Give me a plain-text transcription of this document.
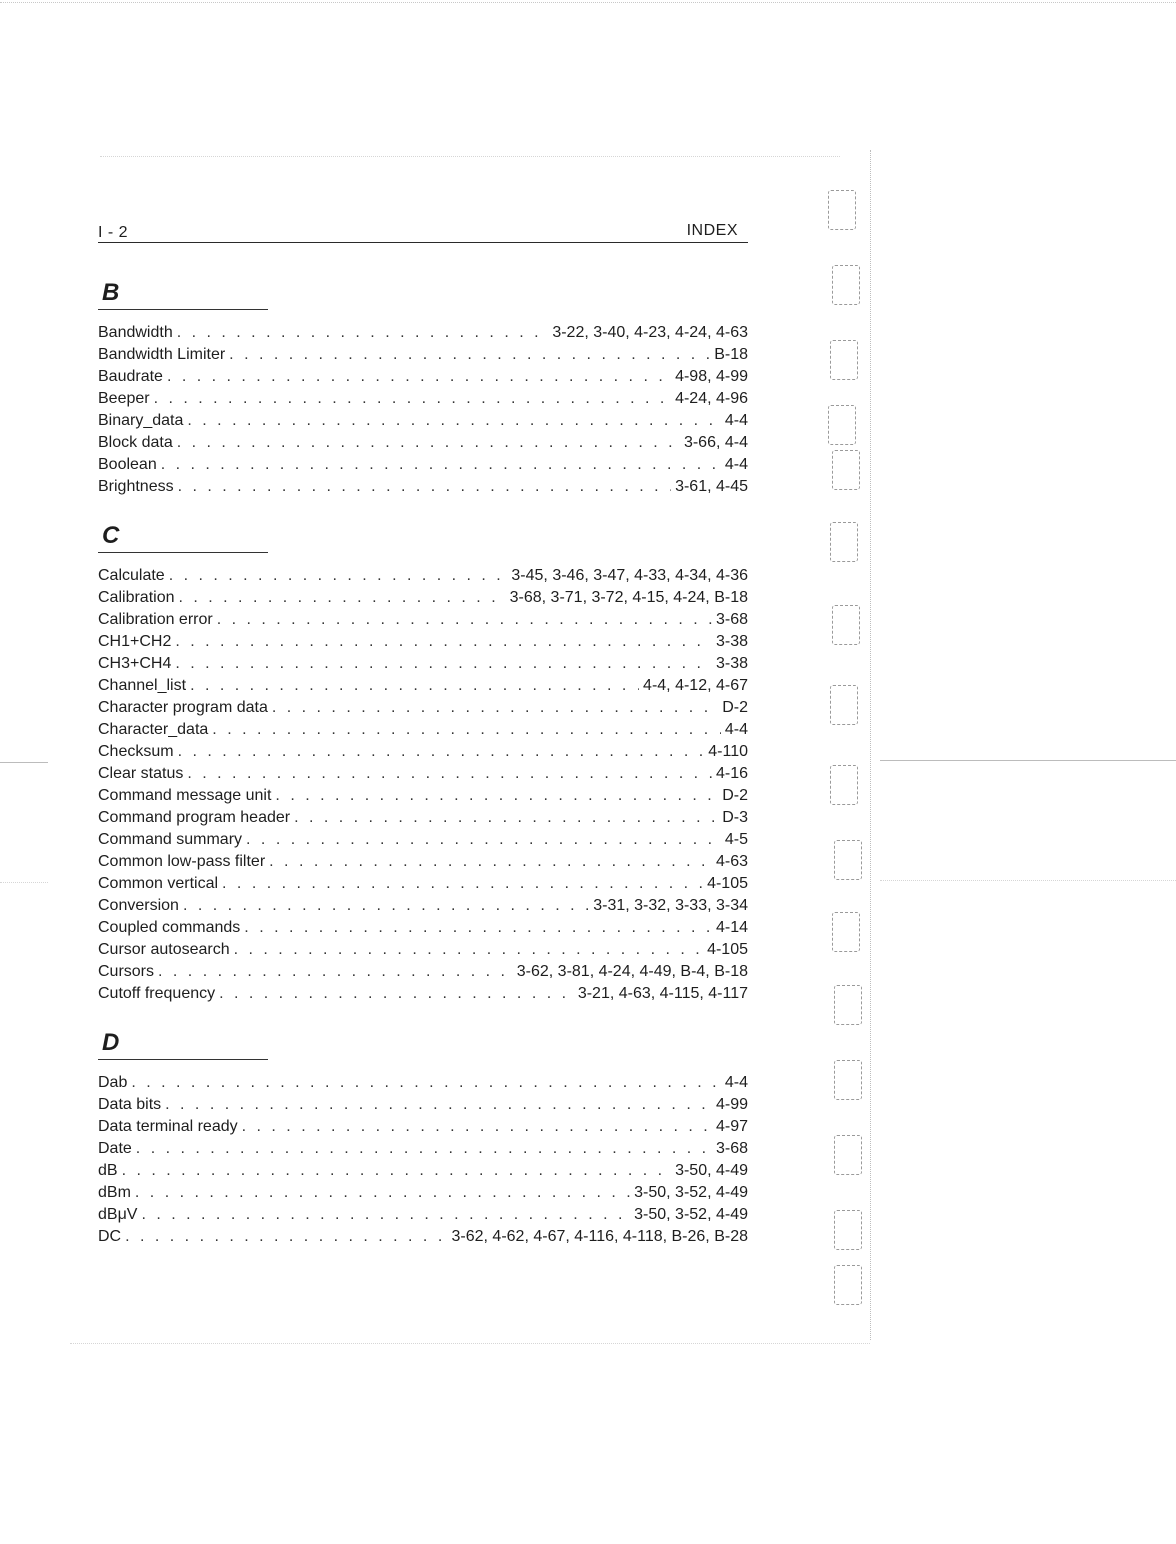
I - 2	INDEX
B
Bandwidth . . .	3-22, 3-40, 4-23, 4-24, 4-63
Bandwidth Limiter . . .	B-18
Baudrate . . .	4-98, 4-99
Beeper . . .	4-24, 4-96
Binary_data . . .	4-4
Block data . . .	3-66, 4-4
Boolean . . .	4-4
Brightness . . .	3-61, 4-45
C
Calculate . . .	3-45, 3-46, 3-47, 4-33, 4-34, 4-36
Calibration . . .	3-68, 3-71, 3-72, 4-15, 4-24, B-18
Calibration error . . .	3-68
CH1+CH2 . . .	3-38
CH3+CH4 . . .	3-38
Channel_list . . .	4-4, 4-12, 4-67
Character program data . . .	D-2
Character_data . . .	4-4
Checksum . . .	4-110
Clear status . . .	4-16
Command message unit . . .	D-2
Command program header . . .	D-3
Command summary . . .	4-5
Common low-pass filter . . .	4-63
Common vertical . . .	4-105
Conversion . . .	3-31, 3-32, 3-33, 3-34
Coupled commands . . .	4-14
Cursor autosearch . . .	4-105
Cursors . . .	3-62, 3-81, 4-24, 4-49, B-4, B-18
Cutoff frequency . . .	3-21, 4-63, 4-115, 4-117
D
Dab . . .	4-4
Data bits . . .	4-99
Data terminal ready . . .	4-97
Date . . .	3-68
dB . . .	3-50, 4-49
dBm . . .	3-50, 3-52, 4-49
dBμV . . .	3-50, 3-52, 4-49
DC . . .	3-62, 4-62, 4-67, 4-116, 4-118, B-26, B-28
